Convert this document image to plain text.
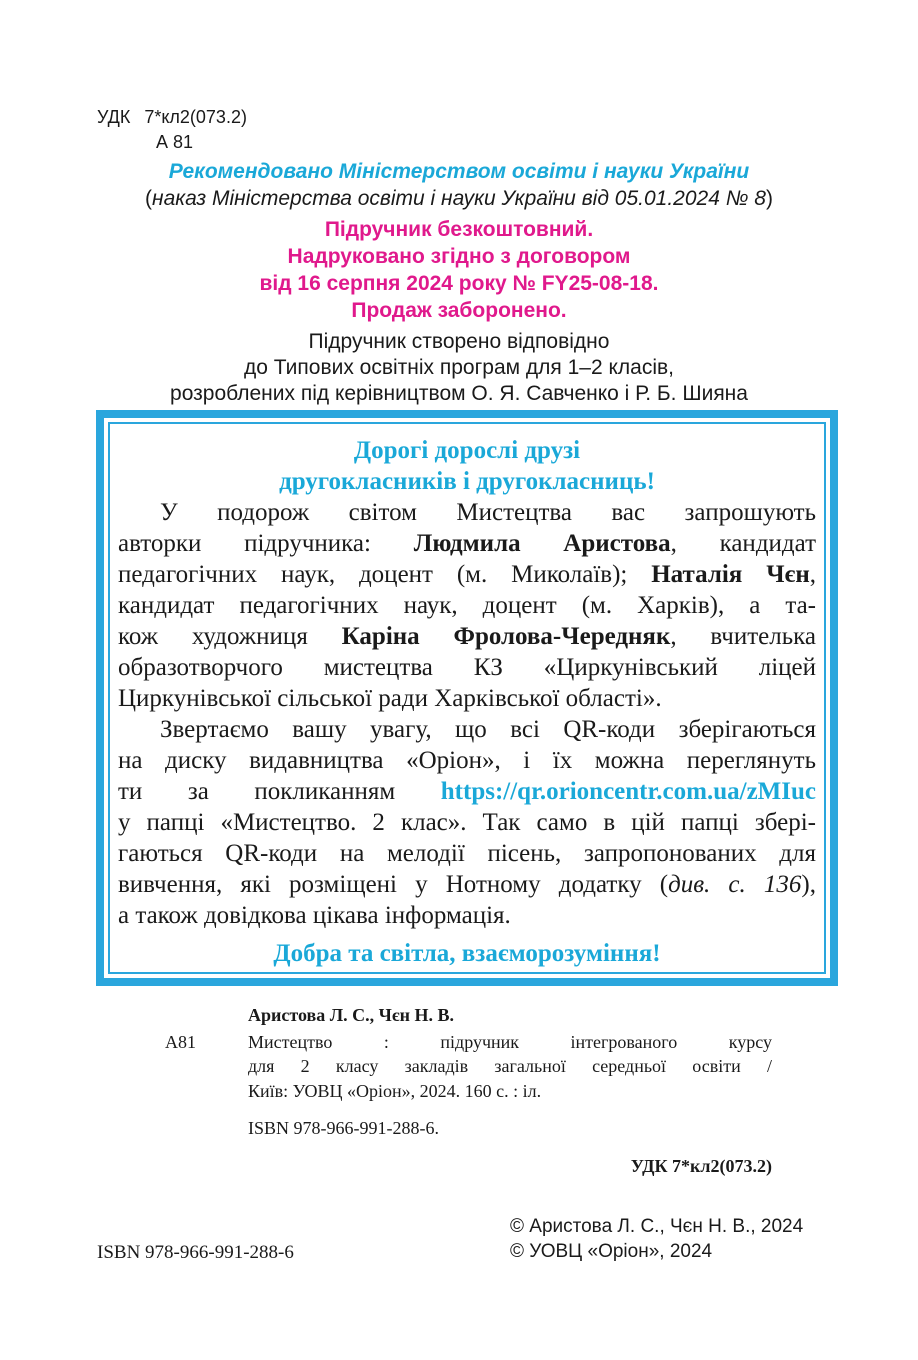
УДК 7*кл2(073.2)
А 81
Рекомендовано Міністерством освіти і науки України
(наказ Міністерства освіти і науки України від 05.01.2024 № 8)
Підручник безкоштовний.
Надруковано згідно з договором
від 16 серпня 2024 року № FY25-08-18.
Продаж заборонено.
Підручник створено відповідно
до Типових освітніх програм для 1–2 класів,
розроблених під керівництвом О. Я. Савченко і Р. Б. Шияна
Дорогі дорослі друзі
другокласників і другокласниць!
У подорож світом Мистецтва вас запрошують
авторки підручника: Людмила Аристова, кандидат
педагогічних наук, доцент (м. Миколаїв); Наталія Чєн,
кандидат педагогічних наук, доцент (м. Харків), а та-
кож художниця Каріна Фролова-Чередняк, вчителька
образотворчого мистецтва КЗ «Циркунівський ліцей
Циркунівської сільської ради Харківської області».
Звертаємо вашу увагу, що всі QR-коди зберігаються
на диску видавництва «Оріон», і їх можна переглянуть
ти за покликанням https://qr.orioncentr.com.ua/zMIuc
у папці «Мистецтво. 2 клас». Так само в цій папці збері-
гаються QR-коди на мелодії пісень, запропонованих для
вивчення, які розміщені у Нотному додатку (див. с. 136),
а також довідкова цікава інформація.
Добра та світла, взаєморозуміння!
Аристова Л. С., Чєн Н. В.
А81	Мистецтво : підручник інтегрованого курсу
для 2 класу закладів загальної середньої освіти /
Київ: УОВЦ «Оріон», 2024. 160 с. : іл.
ISBN 978-966-991-288-6.
УДК 7*кл2(073.2)
ISBN 978-966-991-288-6
© Аристова Л. С., Чєн Н. В., 2024
© УОВЦ «Оріон», 2024
